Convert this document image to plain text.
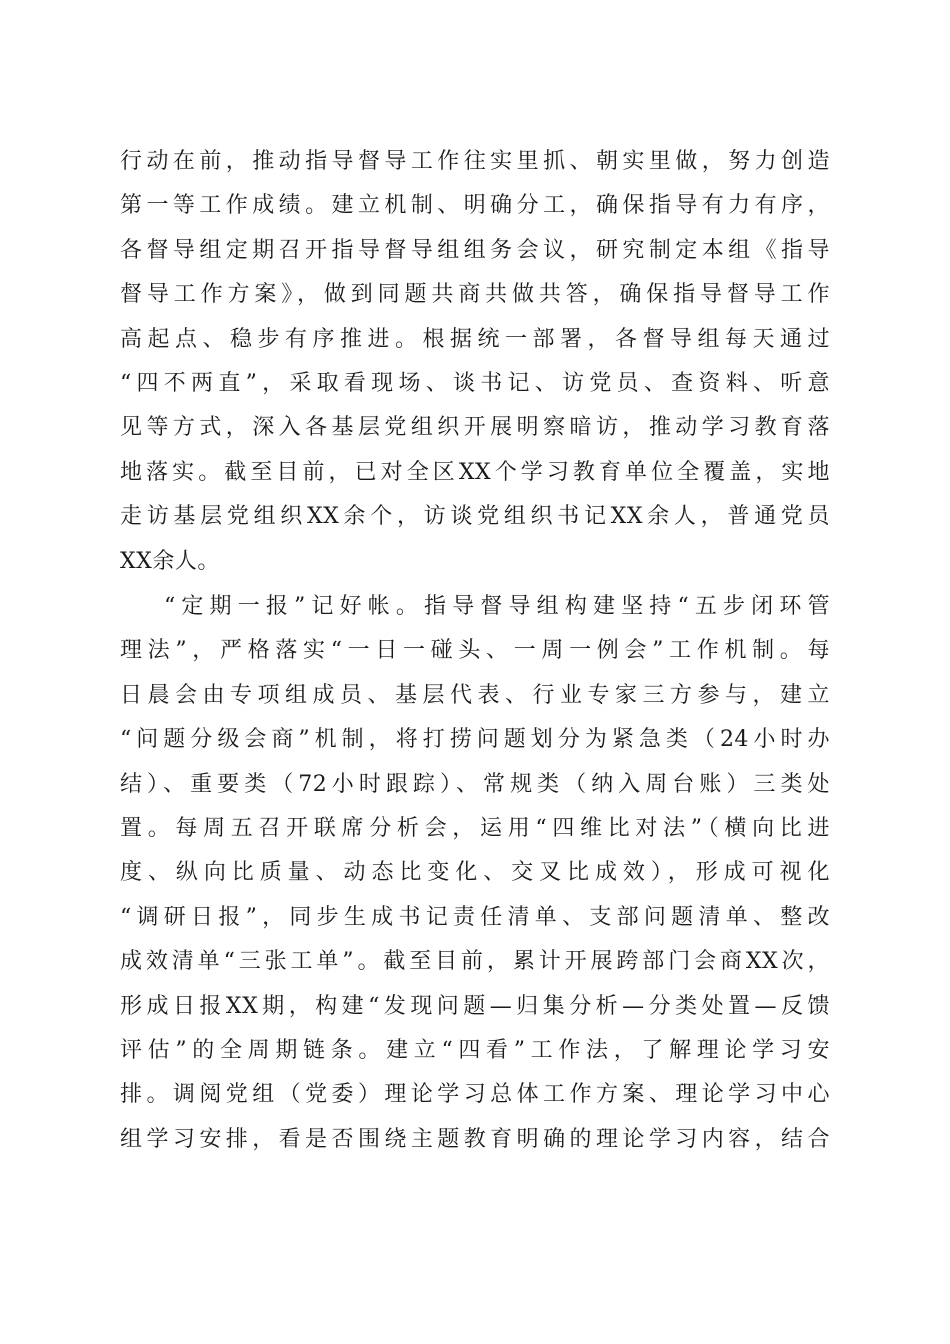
行动在前，推动指导督导工作往实里抓、朝实里做，努力创造
第一等工作成绩。建立机制、明确分工，确保指导有力有序，
各督导组定期召开指导督导组组务会议，研究制定本组《指导
督导工作方案》，做到同题共商共做共答，确保指导督导工作
高起点、稳步有序推进。根据统一部署，各督导组每天通过
“四不两直”，采取看现场、谈书记、访党员、查资料、听意
见等方式，深入各基层党组织开展明察暗访，推动学习教育落
地落实。截至目前，已对全区XX个学习教育单位全覆盖，实地
走访基层党组织XX余个，访谈党组织书记XX余人，普通党员
XX余人。
“定期一报”记好帐。指导督导组构建坚持“五步闭环管
理法”，严格落实“一日一碰头、一周一例会”工作机制。每
日晨会由专项组成员、基层代表、行业专家三方参与，建立
“问题分级会商”机制，将打捞问题划分为紧急类（24小时办
结）、重要类（72小时跟踪）、常规类（纳入周台账）三类处
置。每周五召开联席分析会，运用“四维比对法”（横向比进
度、纵向比质量、动态比变化、交叉比成效），形成可视化
“调研日报”，同步生成书记责任清单、支部问题清单、整改
成效清单“三张工单”。截至目前，累计开展跨部门会商XX次，
形成日报XX期，构建“发现问题—归集分析—分类处置—反馈
评估”的全周期链条。建立“四看”工作法，了解理论学习安
排。调阅党组（党委）理论学习总体工作方案、理论学习中心
组学习安排，看是否围绕主题教育明确的理论学习内容，结合
